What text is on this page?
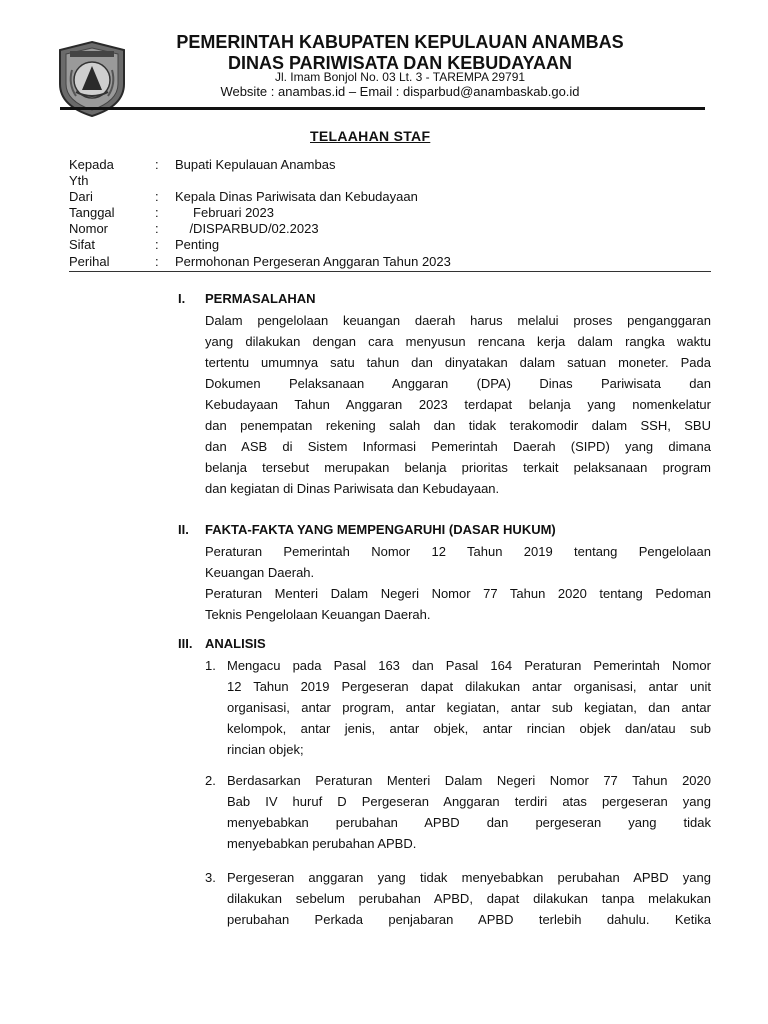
PEMERINTAH KABUPATEN KEPULAUAN ANAMBAS
DINAS PARIWISATA DAN KEBUDAYAAN
Jl. Imam Bonjol No. 03 Lt. 3 - TAREMPA 29791
Website : anambas.id – Email : disparbud@anambaskab.go.id
TELAAHAN STAF
Kepada
Yth
:	Bupati Kepulauan Anambas
Dari	:	Kepala Dinas Pariwisata dan Kebudayaan
Tanggal	:	Februari 2023
Nomor	:	/DISPARBUD/02.2023
Sifat	:	Penting
Perihal	:	Permohonan Pergeseran Anggaran Tahun 2023
I. PERMASALAHAN
Dalam pengelolaan keuangan daerah harus melalui proses penganggaran
yang dilakukan dengan cara menyusun rencana kerja dalam rangka waktu
tertentu umumnya satu tahun dan dinyatakan dalam satuan moneter. Pada
Dokumen Pelaksanaan Anggaran (DPA) Dinas Pariwisata dan
Kebudayaan Tahun Anggaran 2023 terdapat belanja yang nomenkelatur
dan penempatan rekening salah dan tidak terakomodir dalam SSH, SBU
dan ASB di Sistem Informasi Pemerintah Daerah (SIPD) yang dimana
belanja tersebut merupakan belanja prioritas terkait pelaksanaan program
dan kegiatan di Dinas Pariwisata dan Kebudayaan.
II. FAKTA-FAKTA YANG MEMPENGARUHI (DASAR HUKUM)
Peraturan Pemerintah Nomor 12 Tahun 2019 tentang Pengelolaan
Keuangan Daerah.
Peraturan Menteri Dalam Negeri Nomor 77 Tahun 2020 tentang Pedoman
Teknis Pengelolaan Keuangan Daerah.
III. ANALISIS
1. Mengacu pada Pasal 163 dan Pasal 164 Peraturan Pemerintah Nomor
12 Tahun 2019 Pergeseran dapat dilakukan antar organisasi, antar unit
organisasi, antar program, antar kegiatan, antar sub kegiatan, dan antar
kelompok, antar jenis, antar objek, antar rincian objek dan/atau sub
rincian objek;
2. Berdasarkan Peraturan Menteri Dalam Negeri Nomor 77 Tahun 2020
Bab IV huruf D Pergeseran Anggaran terdiri atas pergeseran yang
menyebabkan perubahan APBD dan pergeseran yang tidak
menyebabkan perubahan APBD.
3. Pergeseran anggaran yang tidak menyebabkan perubahan APBD yang
dilakukan sebelum perubahan APBD, dapat dilakukan tanpa melakukan
perubahan Perkada penjabaran APBD terlebih dahulu. Ketika
